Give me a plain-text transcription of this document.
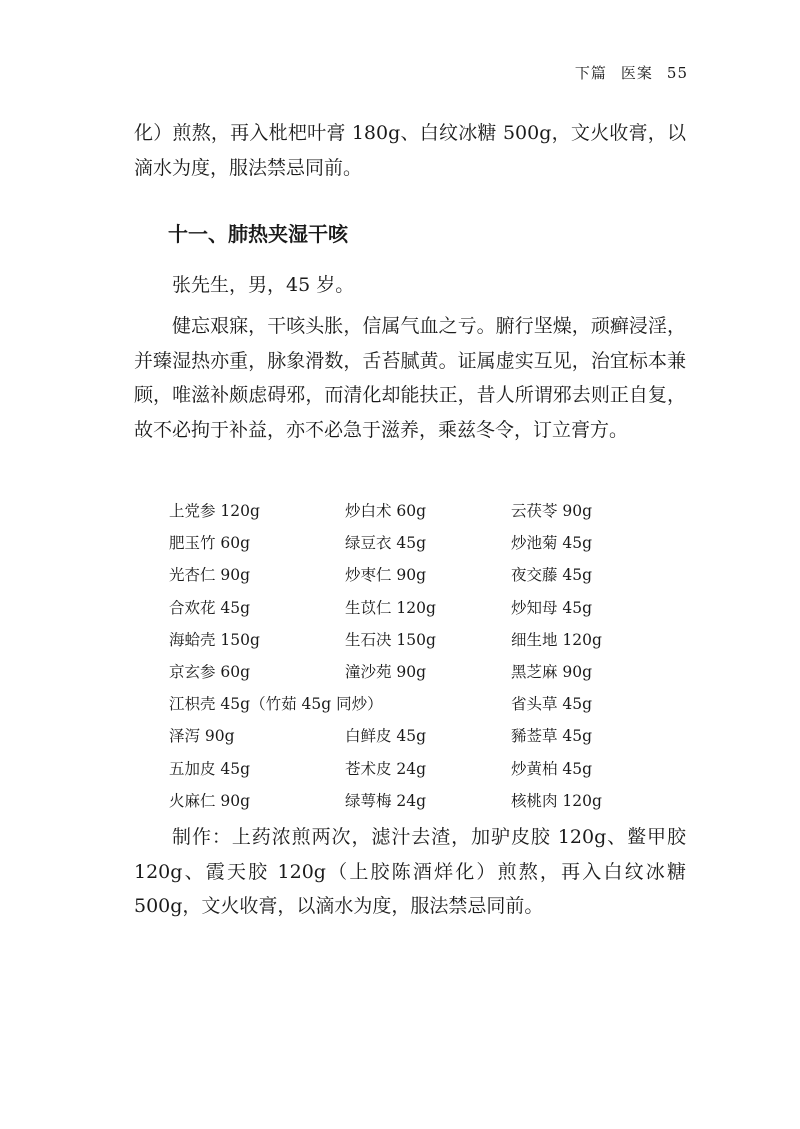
下篇 医案 55

化）煎熬，再入枇杷叶膏 180g、白纹冰糖 500g，文火收膏，以滴水为度，服法禁忌同前。

十一、肺热夹湿干咳

张先生，男，45 岁。

健忘艰寐，干咳头胀，信属气血之亏。腑行坚燥，顽癣浸淫，并臻湿热亦重，脉象滑数，舌苔腻黄。证属虚实互见，治宜标本兼顾，唯滋补颇虑碍邪，而清化却能扶正，昔人所谓邪去则正自复，故不必拘于补益，亦不必急于滋养，乘兹冬令，订立膏方。

上党参 120g	炒白术 60g	云茯苓 90g
肥玉竹 60g	绿豆衣 45g	炒池菊 45g
光杏仁 90g	炒枣仁 90g	夜交藤 45g
合欢花 45g	生苡仁 120g	炒知母 45g
海蛤壳 150g	生石决 150g	细生地 120g
京玄参 60g	潼沙苑 90g	黑芝麻 90g
江枳壳 45g（竹茹 45g 同炒）	省头草 45g
泽泻 90g	白鲜皮 45g	豨莶草 45g
五加皮 45g	苍术皮 24g	炒黄柏 45g
火麻仁 90g	绿萼梅 24g	核桃肉 120g

制作：上药浓煎两次，滤汁去渣，加驴皮胶 120g、鳖甲胶 120g、霞天胶 120g（上胶陈酒烊化）煎熬，再入白纹冰糖 500g，文火收膏，以滴水为度，服法禁忌同前。
